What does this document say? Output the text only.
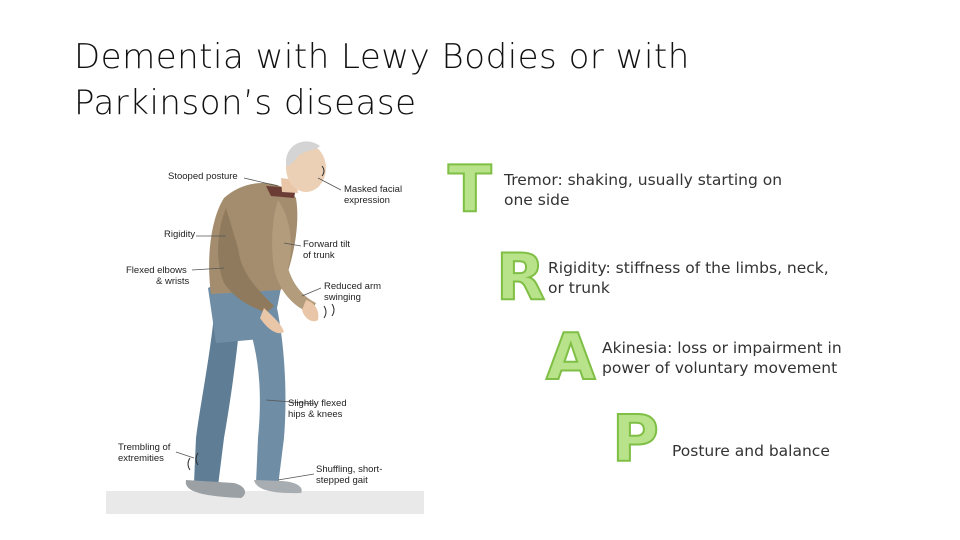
Dementia with Lewy Bodies or with
Parkinson’s disease
Stooped posture
Masked facial
expression
Rigidity
Forward tilt
of trunk
Flexed elbows
& wrists	Reduced arm
swinging
Slightly flexed
hips & knees
Trembling of
extremities
Shuffling, short-
stepped gait
T Tremor: shaking, usually starting on
one side
R Rigidity: stiffness of the limbs, neck,
or trunk
A Akinesia: loss or impairment in
power of voluntary movement
P Posture and balance
